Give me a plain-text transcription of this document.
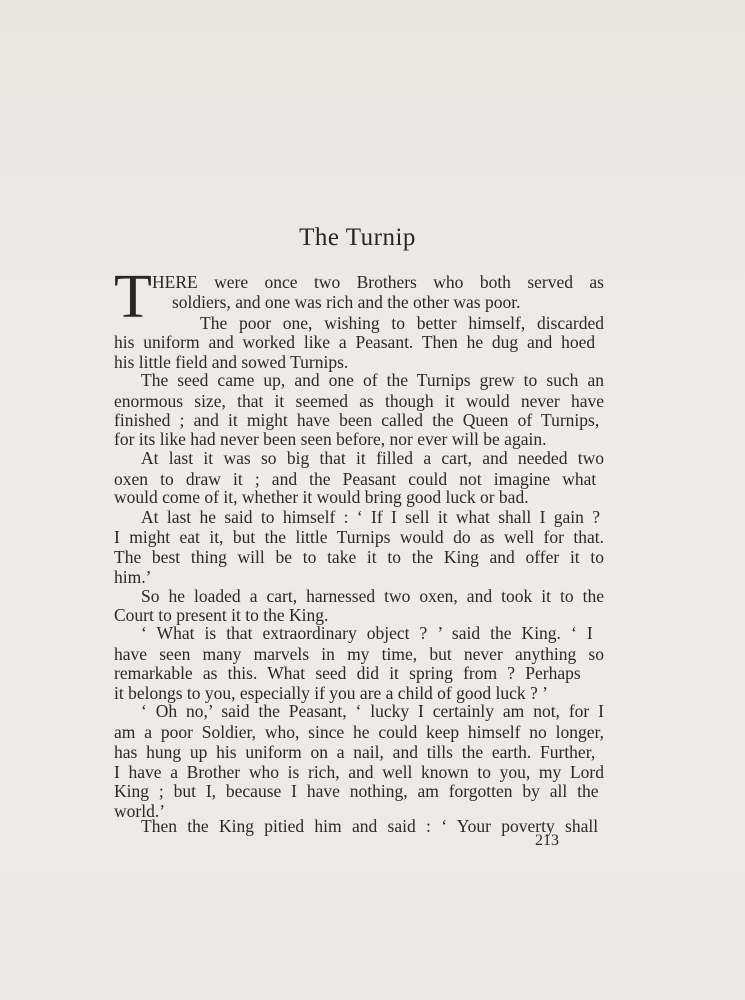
The Turnip
T HERE were once two Brothers who both served as
soldiers, and one was rich and the other was poor.
The poor one, wishing to better himself, discarded
his uniform and worked like a Peasant. Then he dug and hoed
his little field and sowed Turnips.
The seed came up, and one of the Turnips grew to such an
enormous size, that it seemed as though it would never have
finished ; and it might have been called the Queen of Turnips,
for its like had never been seen before, nor ever will be again.
At last it was so big that it filled a cart, and needed two
oxen to draw it ; and the Peasant could not imagine what
would come of it, whether it would bring good luck or bad.
At last he said to himself : ‘ If I sell it what shall I gain ?
I might eat it, but the little Turnips would do as well for that.
The best thing will be to take it to the King and offer it to
him.’
So he loaded a cart, harnessed two oxen, and took it to the
Court to present it to the King.
‘ What is that extraordinary object ? ’ said the King. ‘ I
have seen many marvels in my time, but never anything so
remarkable as this. What seed did it spring from ? Perhaps
it belongs to you, especially if you are a child of good luck ? ’
‘ Oh no,’ said the Peasant, ‘ lucky I certainly am not, for I
am a poor Soldier, who, since he could keep himself no longer,
has hung up his uniform on a nail, and tills the earth. Further,
I have a Brother who is rich, and well known to you, my Lord
King ; but I, because I have nothing, am forgotten by all the
world.’
Then the King pitied him and said : ‘ Your poverty shall
213
